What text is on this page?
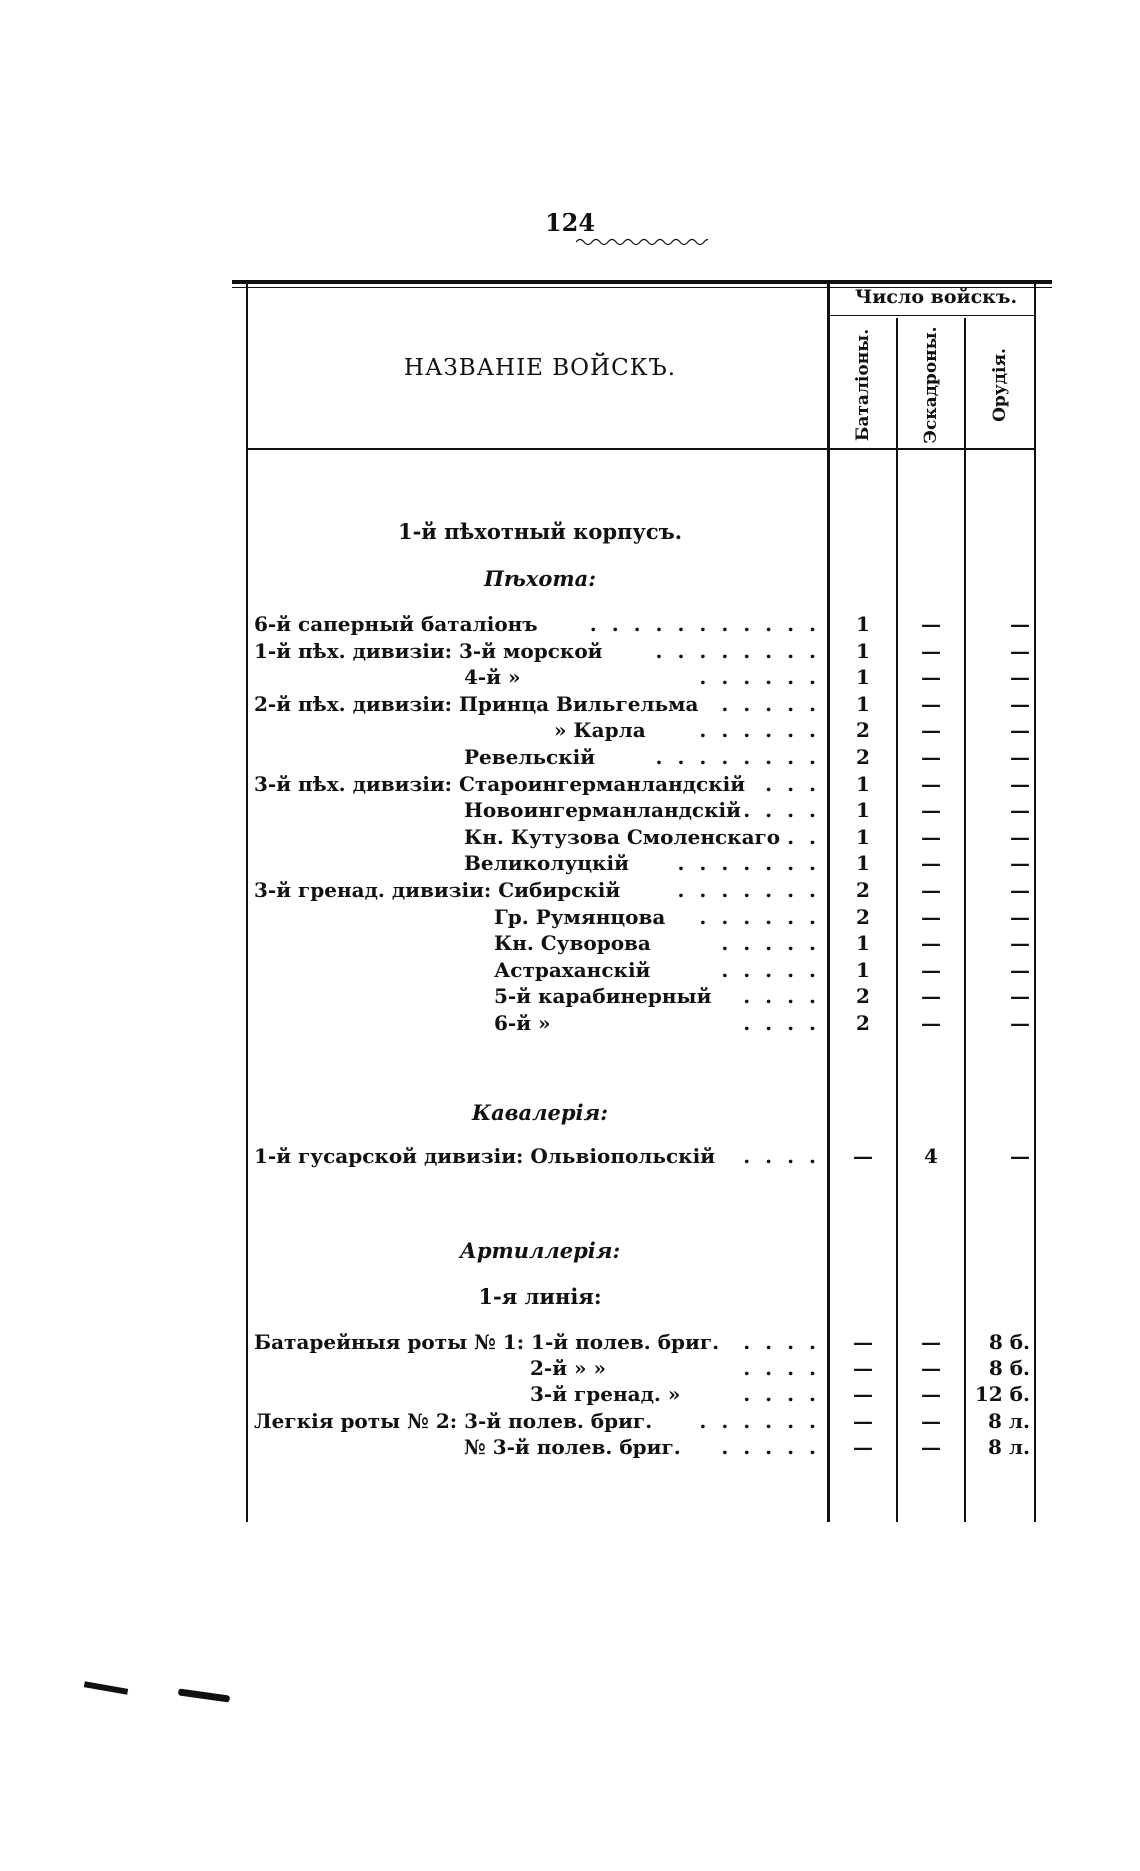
124
НАЗВАНІЕ ВОЙСКЪ.
Число войскъ.
Баталіоны.	Эскадроны.	Орудія.
1-й пѣхотный корпусъ.
Пѣхота:
6-й саперный баталіонъ	. . . . . . . . . . .	1	—	—
1-й пѣх. дивизіи: 3-й морской	. . . . . . . .	1	—	—
4-й »	. . . . . .	1	—	—
2-й пѣх. дивизіи: Принца Вильгельма . . . . .	1	—	—
» Карла	. . . . . .	2	—	—
Ревельскій	. . . . . . . .	2	—	—
3-й пѣх. дивизіи: Староингерманландскій . . .	1	—	—
Новоингерманландскій . . . .	1	—	—
Кн. Кутузова Смоленскаго . .	1	—	—
Великолуцкій . . . . . . .	1	—	—
3-й гренад. дивизіи: Сибирскій	. . . . . . .	2	—	—
Гр. Румянцова . . . . . .	2	—	—
Кн. Суворова	. . . . .	1	—	—
Астраханскій	. . . . .	1	—	—
5-й карабинерный . . . .	2	—	—
6-й »	. . . .	2	—	—
Кавалерія:
1-й гусарской дивизіи: Ольвіопольскій . . . .	—	4	—
Артиллерія:
1-я линія:
Батарейныя роты № 1: 1-й полев. бриг. . . . .	—	—	8 б.
2-й » »	. . . .	—	—	8 б.
3-й гренад. »	. . . .	—	—	12 б.
Легкія роты № 2: 3-й полев. бриг. . . . . . .	—	—	8 л.
№ 3-й полев. бриг. . . . . .	—	—	8 л.
